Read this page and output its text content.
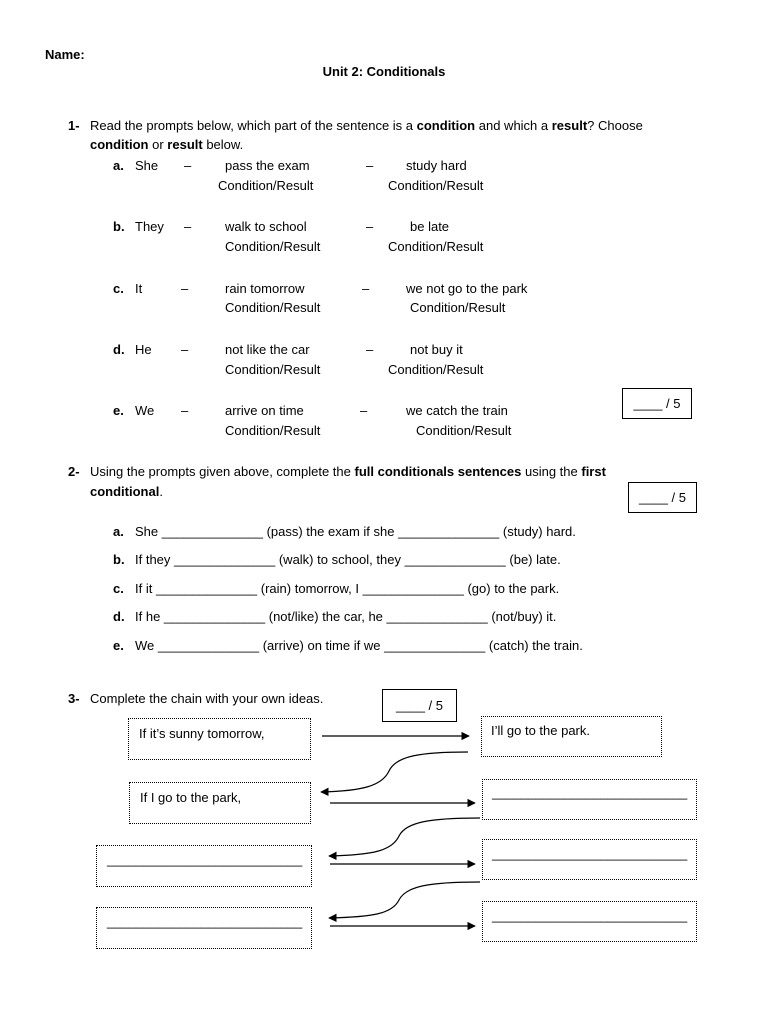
Name:
Unit 2: Conditionals
1- Read the prompts below, which part of the sentence is a condition and which a result? Choose
condition or result below.
a. She –	pass the exam	–	study hard
Condition/Result	Condition/Result
b. They –	walk to school	–	be late
Condition/Result	Condition/Result
c. It	–	rain tomorrow	–	we not go to the park
Condition/Result	Condition/Result
d. He –	not like the car	–	not buy it
Condition/Result	Condition/Result
e. We –	arrive on time	–	we catch the train
Condition/Result	Condition/Result
____ / 5
2- Using the prompts given above, complete the full conditionals sentences using the first
conditional.	____ / 5
a. She ______________ (pass) the exam if she ______________ (study) hard.
b. If they ______________ (walk) to school, they ______________ (be) late.
c. If it ______________ (rain) tomorrow, I ______________ (go) to the park.
d. If he ______________ (not/like) the car, he ______________ (not/buy) it.
e. We ______________ (arrive) on time if we ______________ (catch) the train.
3- Complete the chain with your own ideas.	____ / 5
If it’s sunny tomorrow,	I’ll go to the park.
If I go to the park,	___________________________
___________________________	___________________________
___________________________	___________________________
